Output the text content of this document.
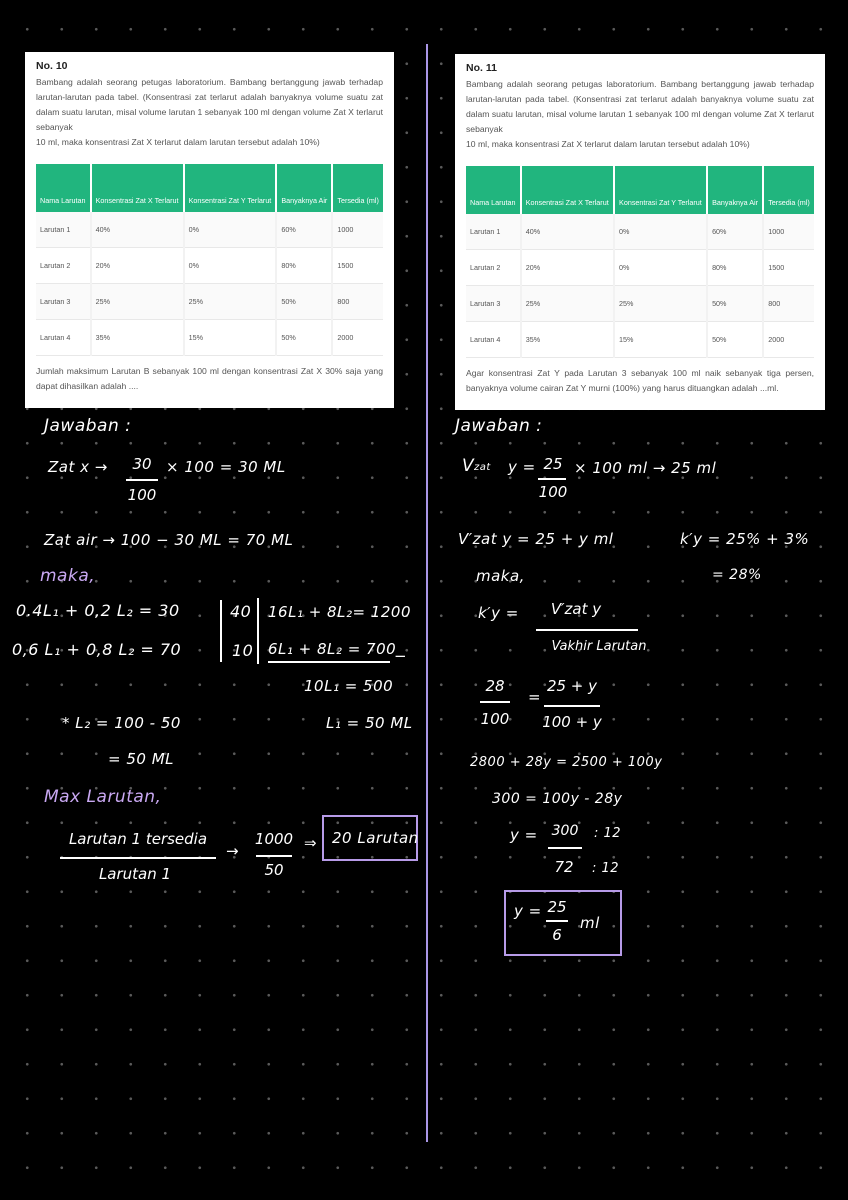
No. 10
Bambang adalah seorang petugas laboratorium. Bambang bertanggung jawab terhadap larutan-larutan pada tabel. (Konsentrasi zat terlarut adalah banyaknya volume suatu zat dalam suatu larutan, misal volume larutan 1 sebanyak 100 ml dengan volume Zat X terlarut sebanyak
10 ml, maka konsentrasi Zat X terlarut dalam larutan tersebut adalah 10%)
Nama Larutan	Konsentrasi Zat X Terlarut	Konsentrasi Zat Y Terlarut	Banyaknya Air	Tersedia (ml)
Larutan 1	40%	0%	60%	1000
Larutan 2	20%	0%	80%	1500
Larutan 3	25%	25%	50%	800
Larutan 4	35%	15%	50%	2000
Jumlah maksimum Larutan B sebanyak 100 ml dengan konsentrasi Zat X 30% saja yang dapat dihasilkan adalah ....
No. 11
Bambang adalah seorang petugas laboratorium. Bambang bertanggung jawab terhadap larutan-larutan pada tabel. (Konsentrasi zat terlarut adalah banyaknya volume suatu zat dalam suatu larutan, misal volume larutan 1 sebanyak 100 ml dengan volume Zat X terlarut sebanyak
10 ml, maka konsentrasi Zat X terlarut dalam larutan tersebut adalah 10%)
Nama Larutan	Konsentrasi Zat X Terlarut	Konsentrasi Zat Y Terlarut	Banyaknya Air	Tersedia (ml)
Larutan 1	40%	0%	60%	1000
Larutan 2	20%	0%	80%	1500
Larutan 3	25%	25%	50%	800
Larutan 4	35%	15%	50%	2000
Agar konsentrasi Zat Y pada Larutan 3 sebanyak 100 ml naik sebanyak tiga persen, banyaknya volume cairan Zat Y murni (100%) yang harus dituangkan adalah ...ml.
Jawaban :
Zat x →	30
100
× 100 = 30 ML
Zat air → 100 − 30 ML = 70 ML
maka,
0.4L₁ + 0,2 L₂ = 30
0,6 L₁ + 0,8 L₂ = 70
40
10
16L₁ + 8L₂= 1200
6L₁ + 8L₂ = 700
−
10L₁ = 500
L₁ = 50 ML
* L₂ = 100 - 50
= 50 ML
Max Larutan,
Larutan 1 tersedia
Larutan 1
→
1000
50
⇒ 20 Larutan
Jawaban :
V zat y = 25
100
× 100 ml → 25 ml
V′zat y = 25 + y ml	k′y = 25% + 3%
= 28%
maka,
k′y =	V′zat y
Vakhir Larutan
28
100
=
25 + y
100 + y
2800 + 28y = 2500 + 100y
300 = 100y - 28y
y = 300
72
: 12
: 12
y = 25
6
ml
